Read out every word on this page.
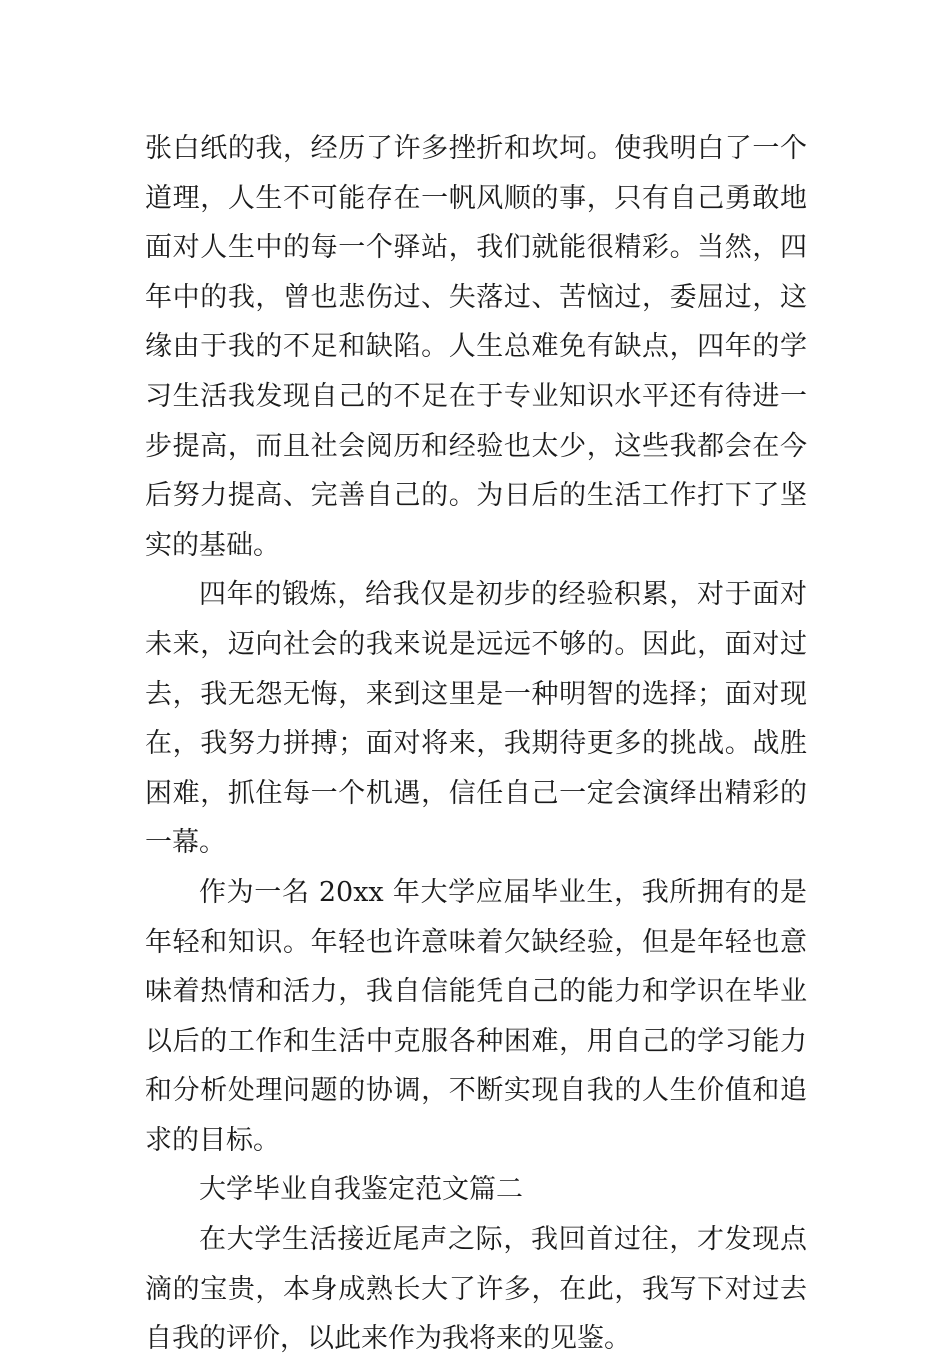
张白纸的我，经历了许多挫折和坎坷。使我明白了一个道理，人生不可能存在一帆风顺的事，只有自己勇敢地面对人生中的每一个驿站，我们就能很精彩。当然，四年中的我，曾也悲伤过、失落过、苦恼过，委屈过，这缘由于我的不足和缺陷。人生总难免有缺点，四年的学习生活我发现自己的不足在于专业知识水平还有待进一步提高，而且社会阅历和经验也太少，这些我都会在今后努力提高、完善自己的。为日后的生活工作打下了坚实的基础。

四年的锻炼，给我仅是初步的经验积累，对于面对未来，迈向社会的我来说是远远不够的。因此，面对过去，我无怨无悔，来到这里是一种明智的选择；面对现在，我努力拼搏；面对将来，我期待更多的挑战。战胜困难，抓住每一个机遇，信任自己一定会演绎出精彩的一幕。

作为一名 20xx 年大学应届毕业生，我所拥有的是年轻和知识。年轻也许意味着欠缺经验，但是年轻也意味着热情和活力，我自信能凭自己的能力和学识在毕业以后的工作和生活中克服各种困难，用自己的学习能力和分析处理问题的协调，不断实现自我的人生价值和追求的目标。

大学毕业自我鉴定范文篇二

在大学生活接近尾声之际，我回首过往，才发现点滴的宝贵，本身成熟长大了许多，在此，我写下对过去自我的评价，以此来作为我将来的见鉴。
